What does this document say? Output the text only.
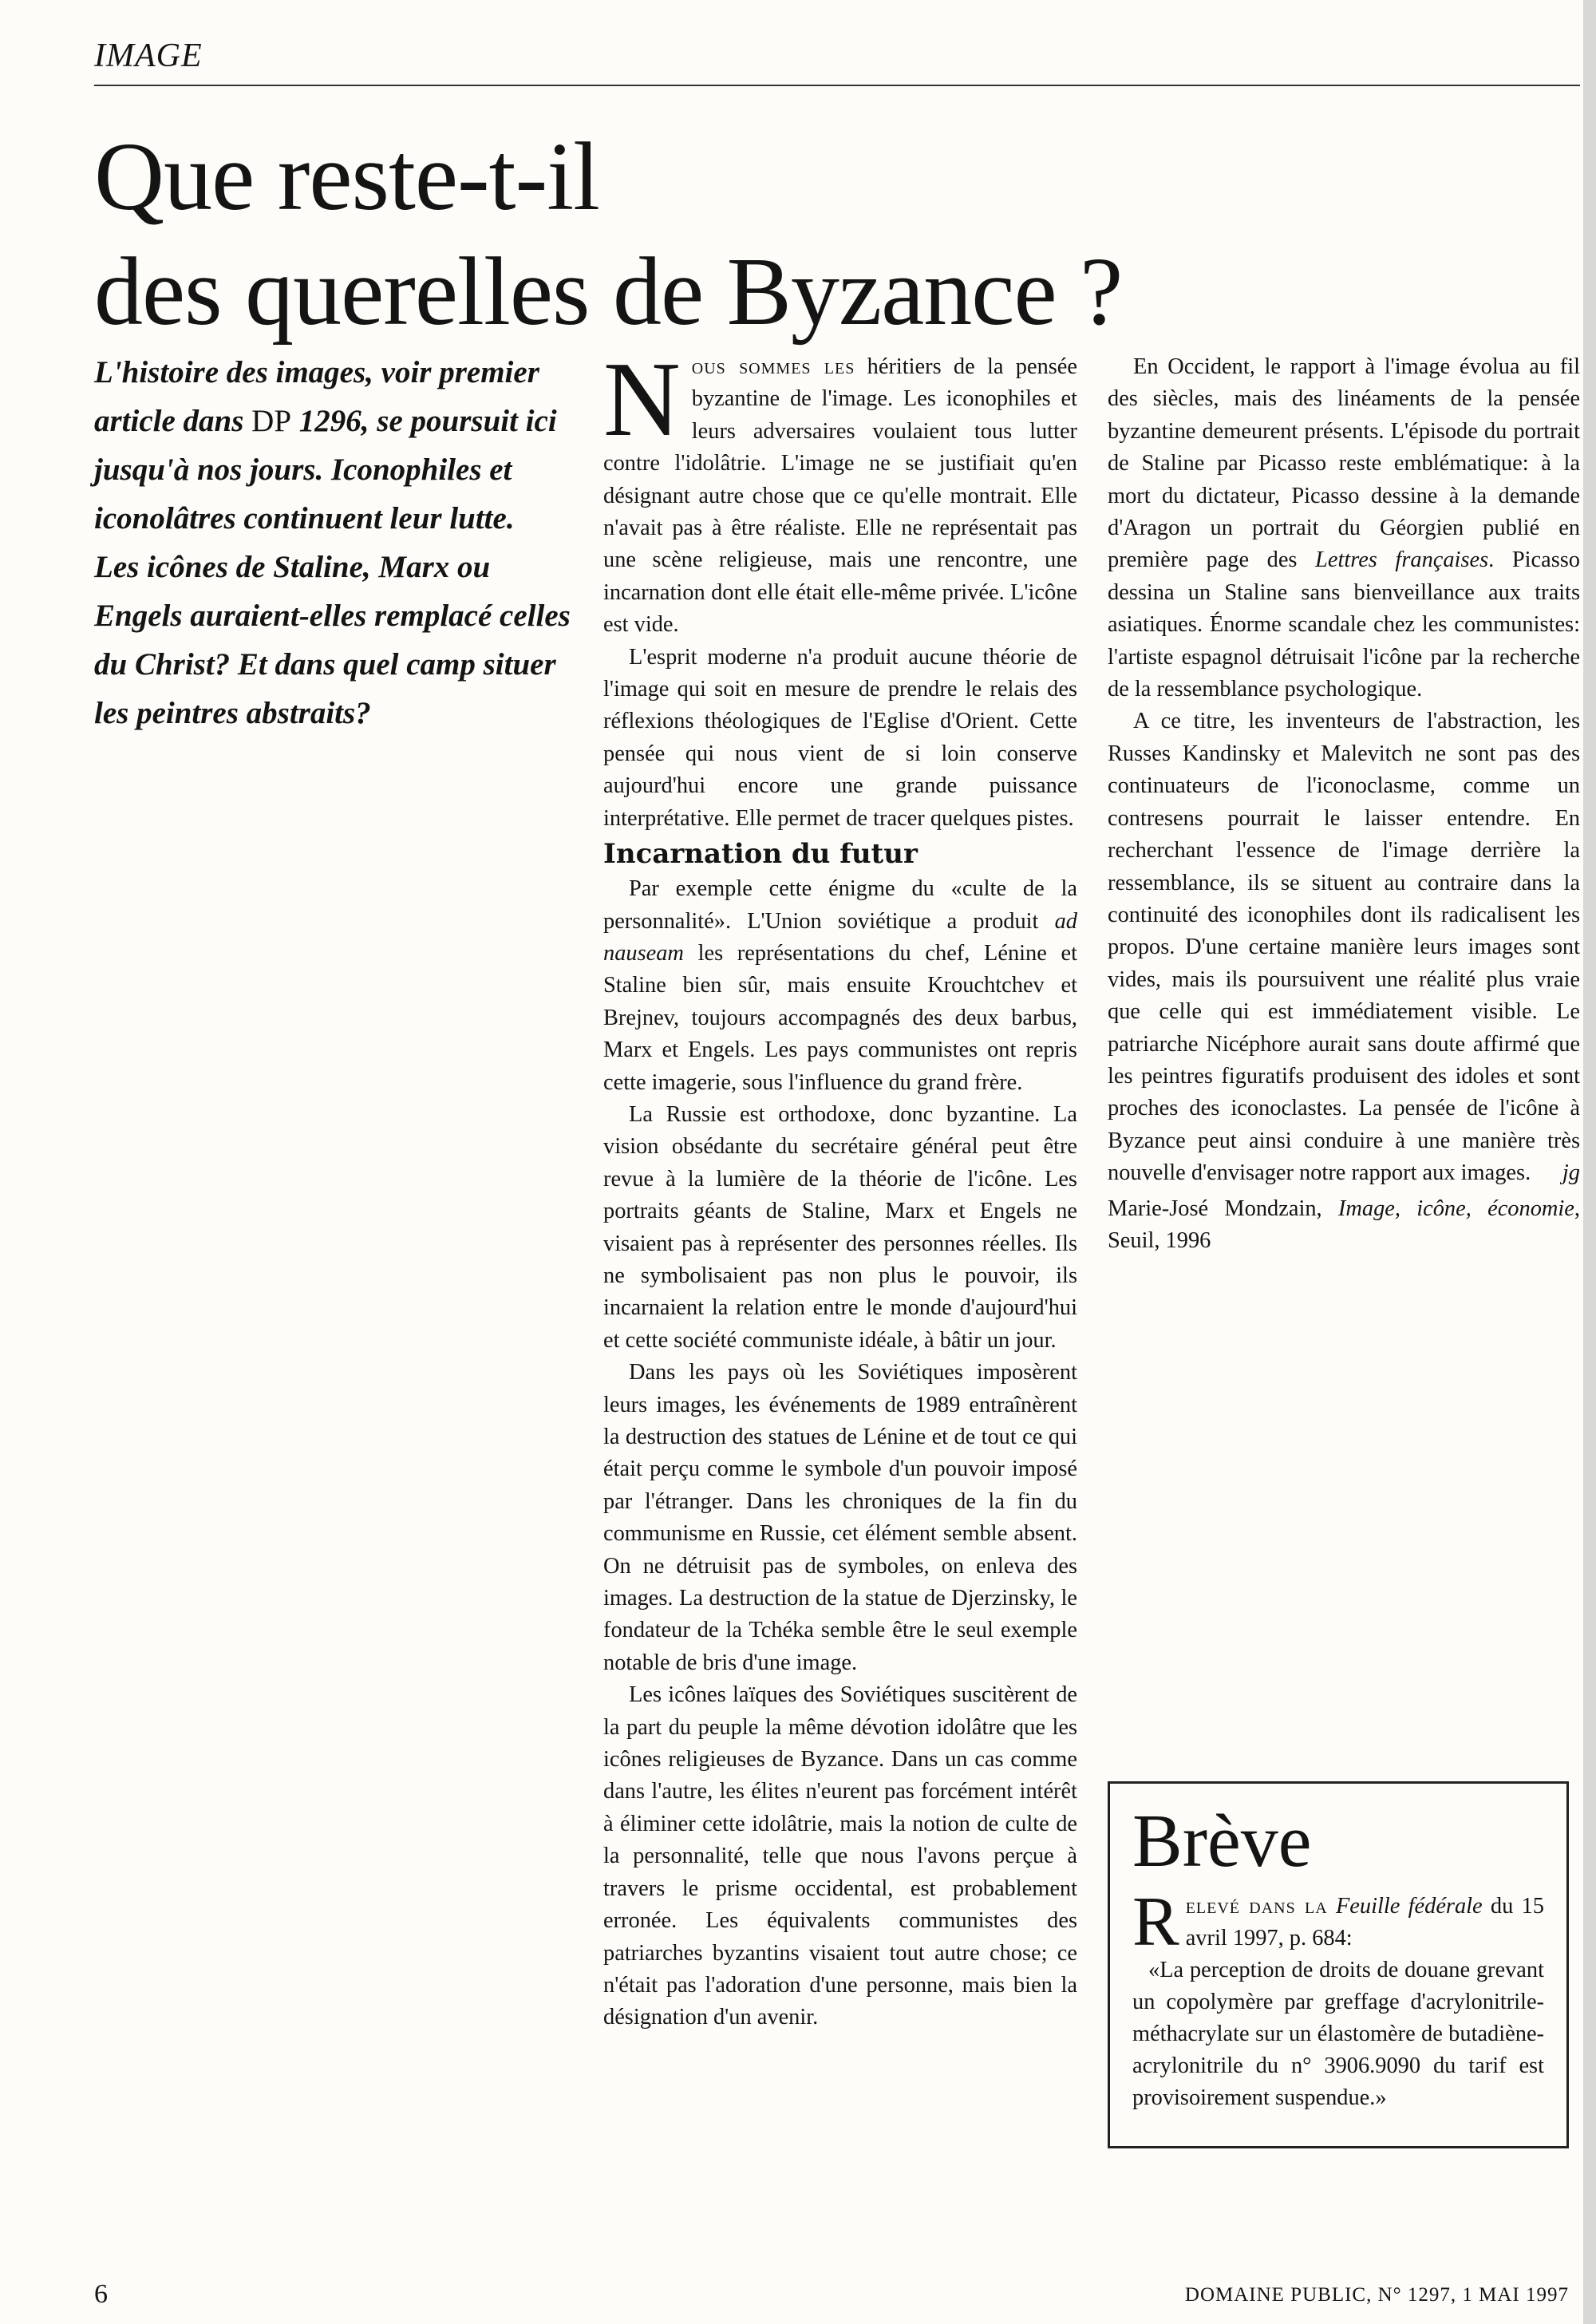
IMAGE
Que reste-t-il
des querelles de Byzance ?

L'histoire des images, voir premier article dans DP 1296, se poursuit ici jusqu'à nos jours. Iconophiles et iconolâtres continuent leur lutte.

Les icônes de Staline, Marx ou Engels auraient-elles remplacé celles du Christ? Et dans quel camp situer les peintres abstraits?

Nous sommes les héritiers de la pensée byzantine de l'image. Les iconophiles et leurs adversaires voulaient tous lutter contre l'idolâtrie. L'image ne se justifiait qu'en désignant autre chose que ce qu'elle montrait. Elle n'avait pas à être réaliste. Elle ne représentait pas une scène religieuse, mais une rencontre, une incarnation dont elle était elle-même privée. L'icône est vide.

L'esprit moderne n'a produit aucune théorie de l'image qui soit en mesure de prendre le relais des réflexions théologiques de l'Eglise d'Orient. Cette pensée qui nous vient de si loin conserve aujourd'hui encore une grande puissance interprétative. Elle permet de tracer quelques pistes.

Incarnation du futur

Par exemple cette énigme du «culte de la personnalité». L'Union soviétique a produit ad nauseam les représentations du chef, Lénine et Staline bien sûr, mais ensuite Krouchtchev et Brejnev, toujours accompagnés des deux barbus, Marx et Engels. Les pays communistes ont repris cette imagerie, sous l'influence du grand frère.

La Russie est orthodoxe, donc byzantine. La vision obsédante du secrétaire général peut être revue à la lumière de la théorie de l'icône. Les portraits géants de Staline, Marx et Engels ne visaient pas à représenter des personnes réelles. Ils ne symbolisaient pas non plus le pouvoir, ils incarnaient la relation entre le monde d'aujourd'hui et cette société communiste idéale, à bâtir un jour.

Dans les pays où les Soviétiques imposèrent leurs images, les événements de 1989 entraînèrent la destruction des statues de Lénine et de tout ce qui était perçu comme le symbole d'un pouvoir imposé par l'étranger. Dans les chroniques de la fin du communisme en Russie, cet élément semble absent. On ne détruisit pas de symboles, on enleva des images. La destruction de la statue de Djerzinsky, le fondateur de la Tchéka semble être le seul exemple notable de bris d'une image.

Les icônes laïques des Soviétiques suscitèrent de la part du peuple la même dévotion idolâtre que les icônes religieuses de Byzance. Dans un cas comme dans l'autre, les élites n'eurent pas forcément intérêt à éliminer cette idolâtrie, mais la notion de culte de la personnalité, telle que nous l'avons perçue à travers le prisme occidental, est probablement erronée. Les équivalents communistes des patriarches byzantins visaient tout autre chose; ce n'était pas l'adoration d'une personne, mais bien la désignation d'un avenir.

En Occident, le rapport à l'image évolua au fil des siècles, mais des linéaments de la pensée byzantine demeurent présents. L'épisode du portrait de Staline par Picasso reste emblématique: à la mort du dictateur, Picasso dessine à la demande d'Aragon un portrait du Géorgien publié en première page des Lettres françaises. Picasso dessina un Staline sans bienveillance aux traits asiatiques. Énorme scandale chez les communistes: l'artiste espagnol détruisait l'icône par la recherche de la ressemblance psychologique.

A ce titre, les inventeurs de l'abstraction, les Russes Kandinsky et Malevitch ne sont pas des continuateurs de l'iconoclasme, comme un contresens pourrait le laisser entendre. En recherchant l'essence de l'image derrière la ressemblance, ils se situent au contraire dans la continuité des iconophiles dont ils radicalisent les propos. D'une certaine manière leurs images sont vides, mais ils poursuivent une réalité plus vraie que celle qui est immédiatement visible. Le patriarche Nicéphore aurait sans doute affirmé que les peintres figuratifs produisent des idoles et sont proches des iconoclastes. La pensée de l'icône à Byzance peut ainsi conduire à une manière très nouvelle d'envisager notre rapport aux images.	jg

Marie-José Mondzain, Image, icône, économie, Seuil, 1996

Brève

Relevé dans la Feuille fédérale du 15 avril 1997, p. 684:

«La perception de droits de douane grevant un copolymère par greffage d'acrylonitrile-méthacrylate sur un élastomère de butadiène-acrylonitrile du n° 3906.9090 du tarif est provisoirement suspendue.»

6	DOMAINE PUBLIC, N° 1297, 1 MAI 1997
